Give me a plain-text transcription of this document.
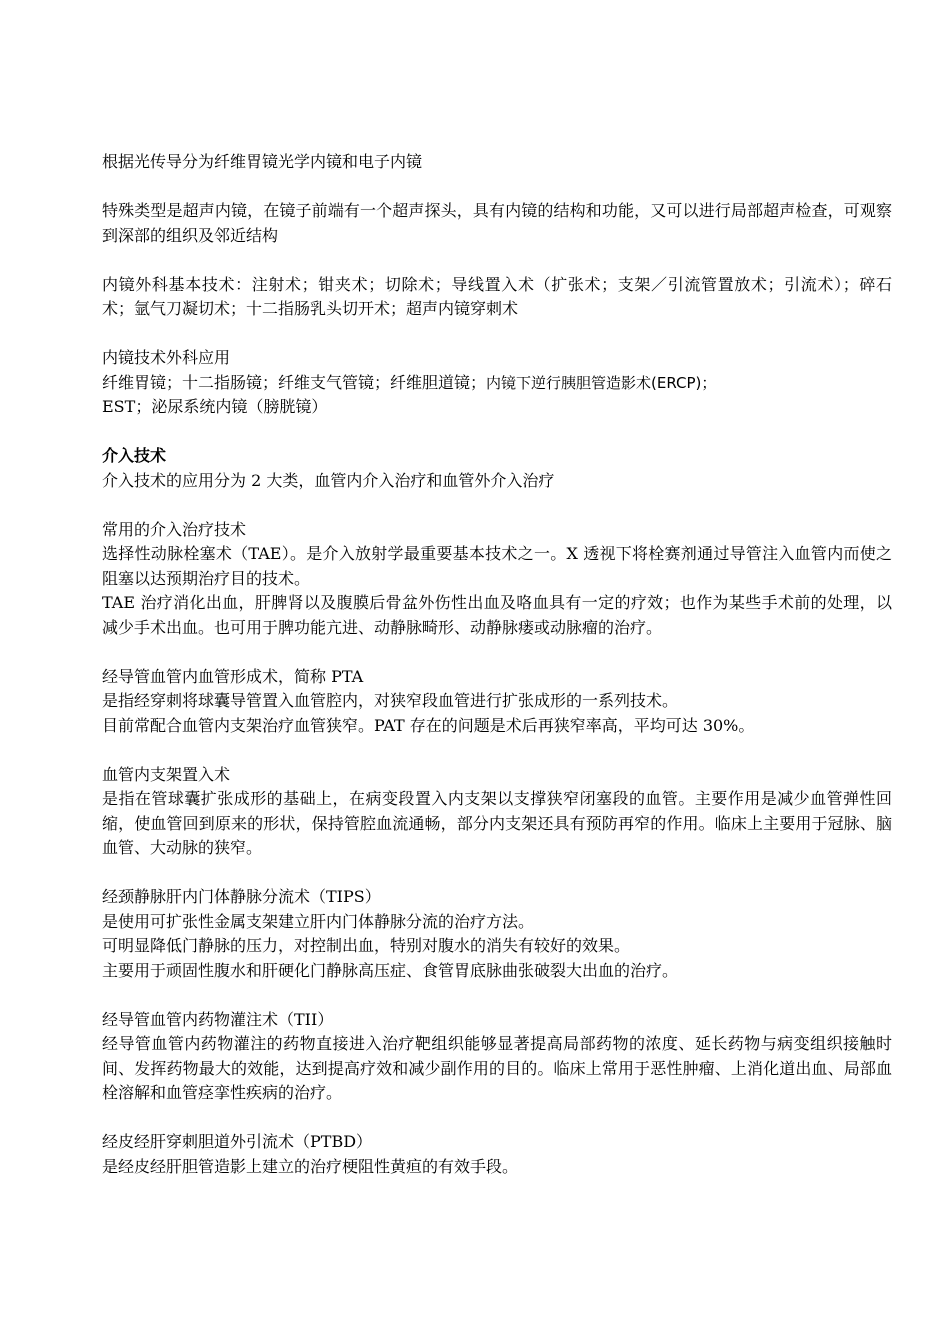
根据光传导分为纤维胃镜光学内镜和电子内镜

特殊类型是超声内镜，在镜子前端有一个超声探头，具有内镜的结构和功能，又可以进行局部超声检查，可观察到深部的组织及邻近结构

内镜外科基本技术：注射术；钳夹术；切除术；导线置入术（扩张术；支架／引流管置放术；引流术）；碎石术；氩气刀凝切术；十二指肠乳头切开术；超声内镜穿刺术

内镜技术外科应用

纤维胃镜；十二指肠镜；纤维支气管镜；纤维胆道镜；内镜下逆行胰胆管造影术(ERCP)；

EST；泌尿系统内镜（膀胱镜）

介入技术

介入技术的应用分为 2 大类，血管内介入治疗和血管外介入治疗

常用的介入治疗技术

选择性动脉栓塞术（TAE）。是介入放射学最重要基本技术之一。X 透视下将栓赛剂通过导管注入血管内而使之阻塞以达预期治疗目的技术。

TAE 治疗消化出血，肝脾肾以及腹膜后骨盆外伤性出血及咯血具有一定的疗效；也作为某些手术前的处理，以减少手术出血。也可用于脾功能亢进、动静脉畸形、动静脉瘘或动脉瘤的治疗。

经导管血管内血管形成术，简称 PTA

是指经穿刺将球囊导管置入血管腔内，对狭窄段血管进行扩张成形的一系列技术。

目前常配合血管内支架治疗血管狭窄。PAT 存在的问题是术后再狭窄率高，平均可达 30%。

血管内支架置入术

是指在管球囊扩张成形的基础上，在病变段置入内支架以支撑狭窄闭塞段的血管。主要作用是减少血管弹性回缩，使血管回到原来的形状，保持管腔血流通畅，部分内支架还具有预防再窄的作用。临床上主要用于冠脉、脑血管、大动脉的狭窄。

经颈静脉肝内门体静脉分流术（TIPS）

是使用可扩张性金属支架建立肝内门体静脉分流的治疗方法。

可明显降低门静脉的压力，对控制出血，特别对腹水的消失有较好的效果。

主要用于顽固性腹水和肝硬化门静脉高压症、食管胃底脉曲张破裂大出血的治疗。

经导管血管内药物灌注术（TII）

经导管血管内药物灌注的药物直接进入治疗靶组织能够显著提高局部药物的浓度、延长药物与病变组织接触时间、发挥药物最大的效能，达到提高疗效和减少副作用的目的。临床上常用于恶性肿瘤、上消化道出血、局部血栓溶解和血管痉挛性疾病的治疗。

经皮经肝穿刺胆道外引流术（PTBD）

是经皮经肝胆管造影上建立的治疗梗阻性黄疸的有效手段。
